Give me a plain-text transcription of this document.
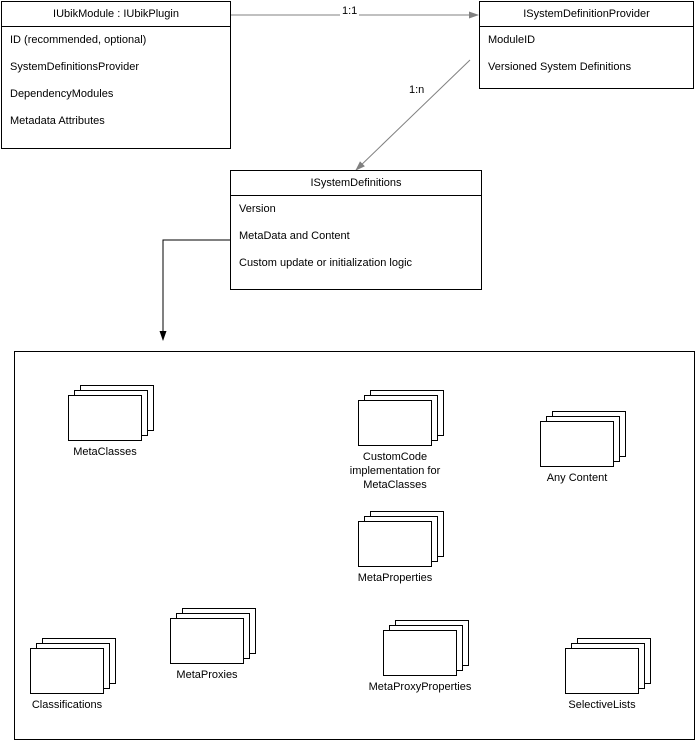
IUbikModule : IUbikPlugin
ID (recommended, optional)
SystemDefinitionsProvider
DependencyModules
Metadata Attributes
ISystemDefinitionProvider
ModuleID
Versioned System Definitions
ISystemDefinitions
Version
MetaData and Content
Custom update or initialization logic
1:1
1:n
MetaClasses	CustomCode implementation for MetaClasses
Any Content
MetaProperties
Classifications
MetaProxies
MetaProxyProperties
SelectiveLists
